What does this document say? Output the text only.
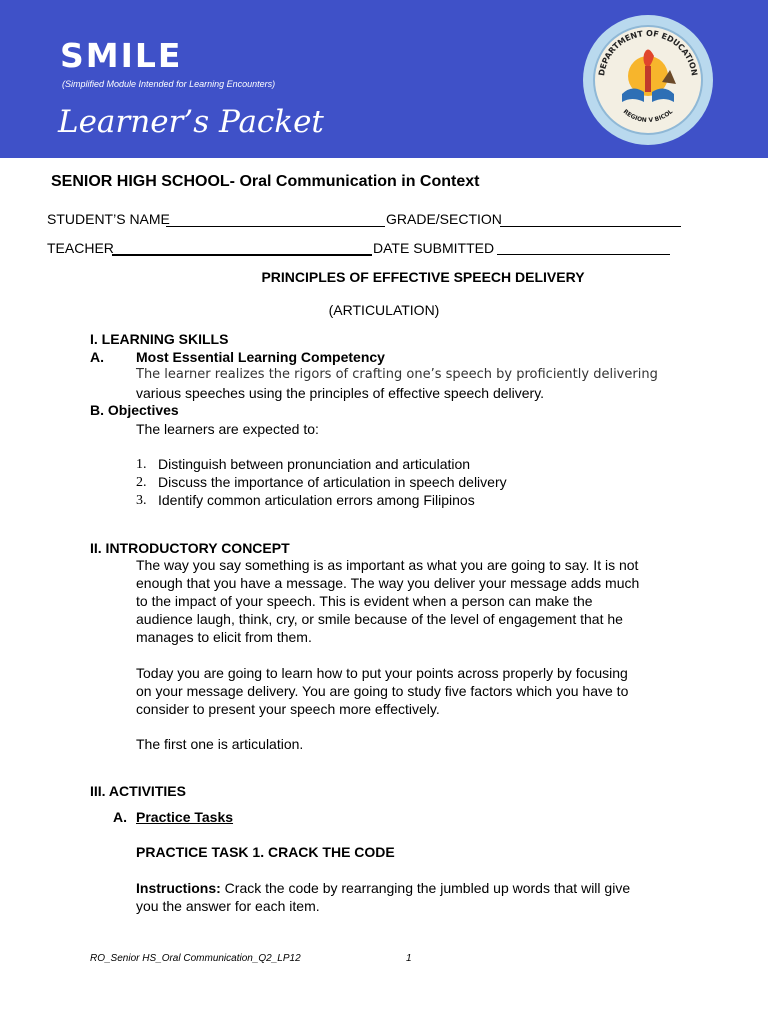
SMILE
(Simplified Module Intended for Learning Encounters)
Learner’s Packet
DEPARTMENT OF EDUCATION
REGION V BICOL
SENIOR HIGH SCHOOL- Oral Communication in Context
STUDENT’S NAME	GRADE/SECTION
TEACHER	DATE SUBMITTED
PRINCIPLES OF EFFECTIVE SPEECH DELIVERY
(ARTICULATION)
I. LEARNING SKILLS
A. Most Essential Learning Competency
The learner realizes the rigors of crafting one’s speech by proficiently delivering
various speeches using the principles of effective speech delivery.
B. Objectives
The learners are expected to:
1. Distinguish between pronunciation and articulation
2. Discuss the importance of articulation in speech delivery
3. Identify common articulation errors among Filipinos
II. INTRODUCTORY CONCEPT
The way you say something is as important as what you are going to say. It is not
enough that you have a message. The way you deliver your message adds much
to the impact of your speech. This is evident when a person can make the
audience laugh, think, cry, or smile because of the level of engagement that he
manages to elicit from them.
Today you are going to learn how to put your points across properly by focusing
on your message delivery. You are going to study five factors which you have to
consider to present your speech more effectively.
The first one is articulation.
III. ACTIVITIES
A. Practice Tasks
PRACTICE TASK 1. CRACK THE CODE
Instructions: Crack the code by rearranging the jumbled up words that will give
you the answer for each item.
RO_Senior HS_Oral Communication_Q2_LP12	1
